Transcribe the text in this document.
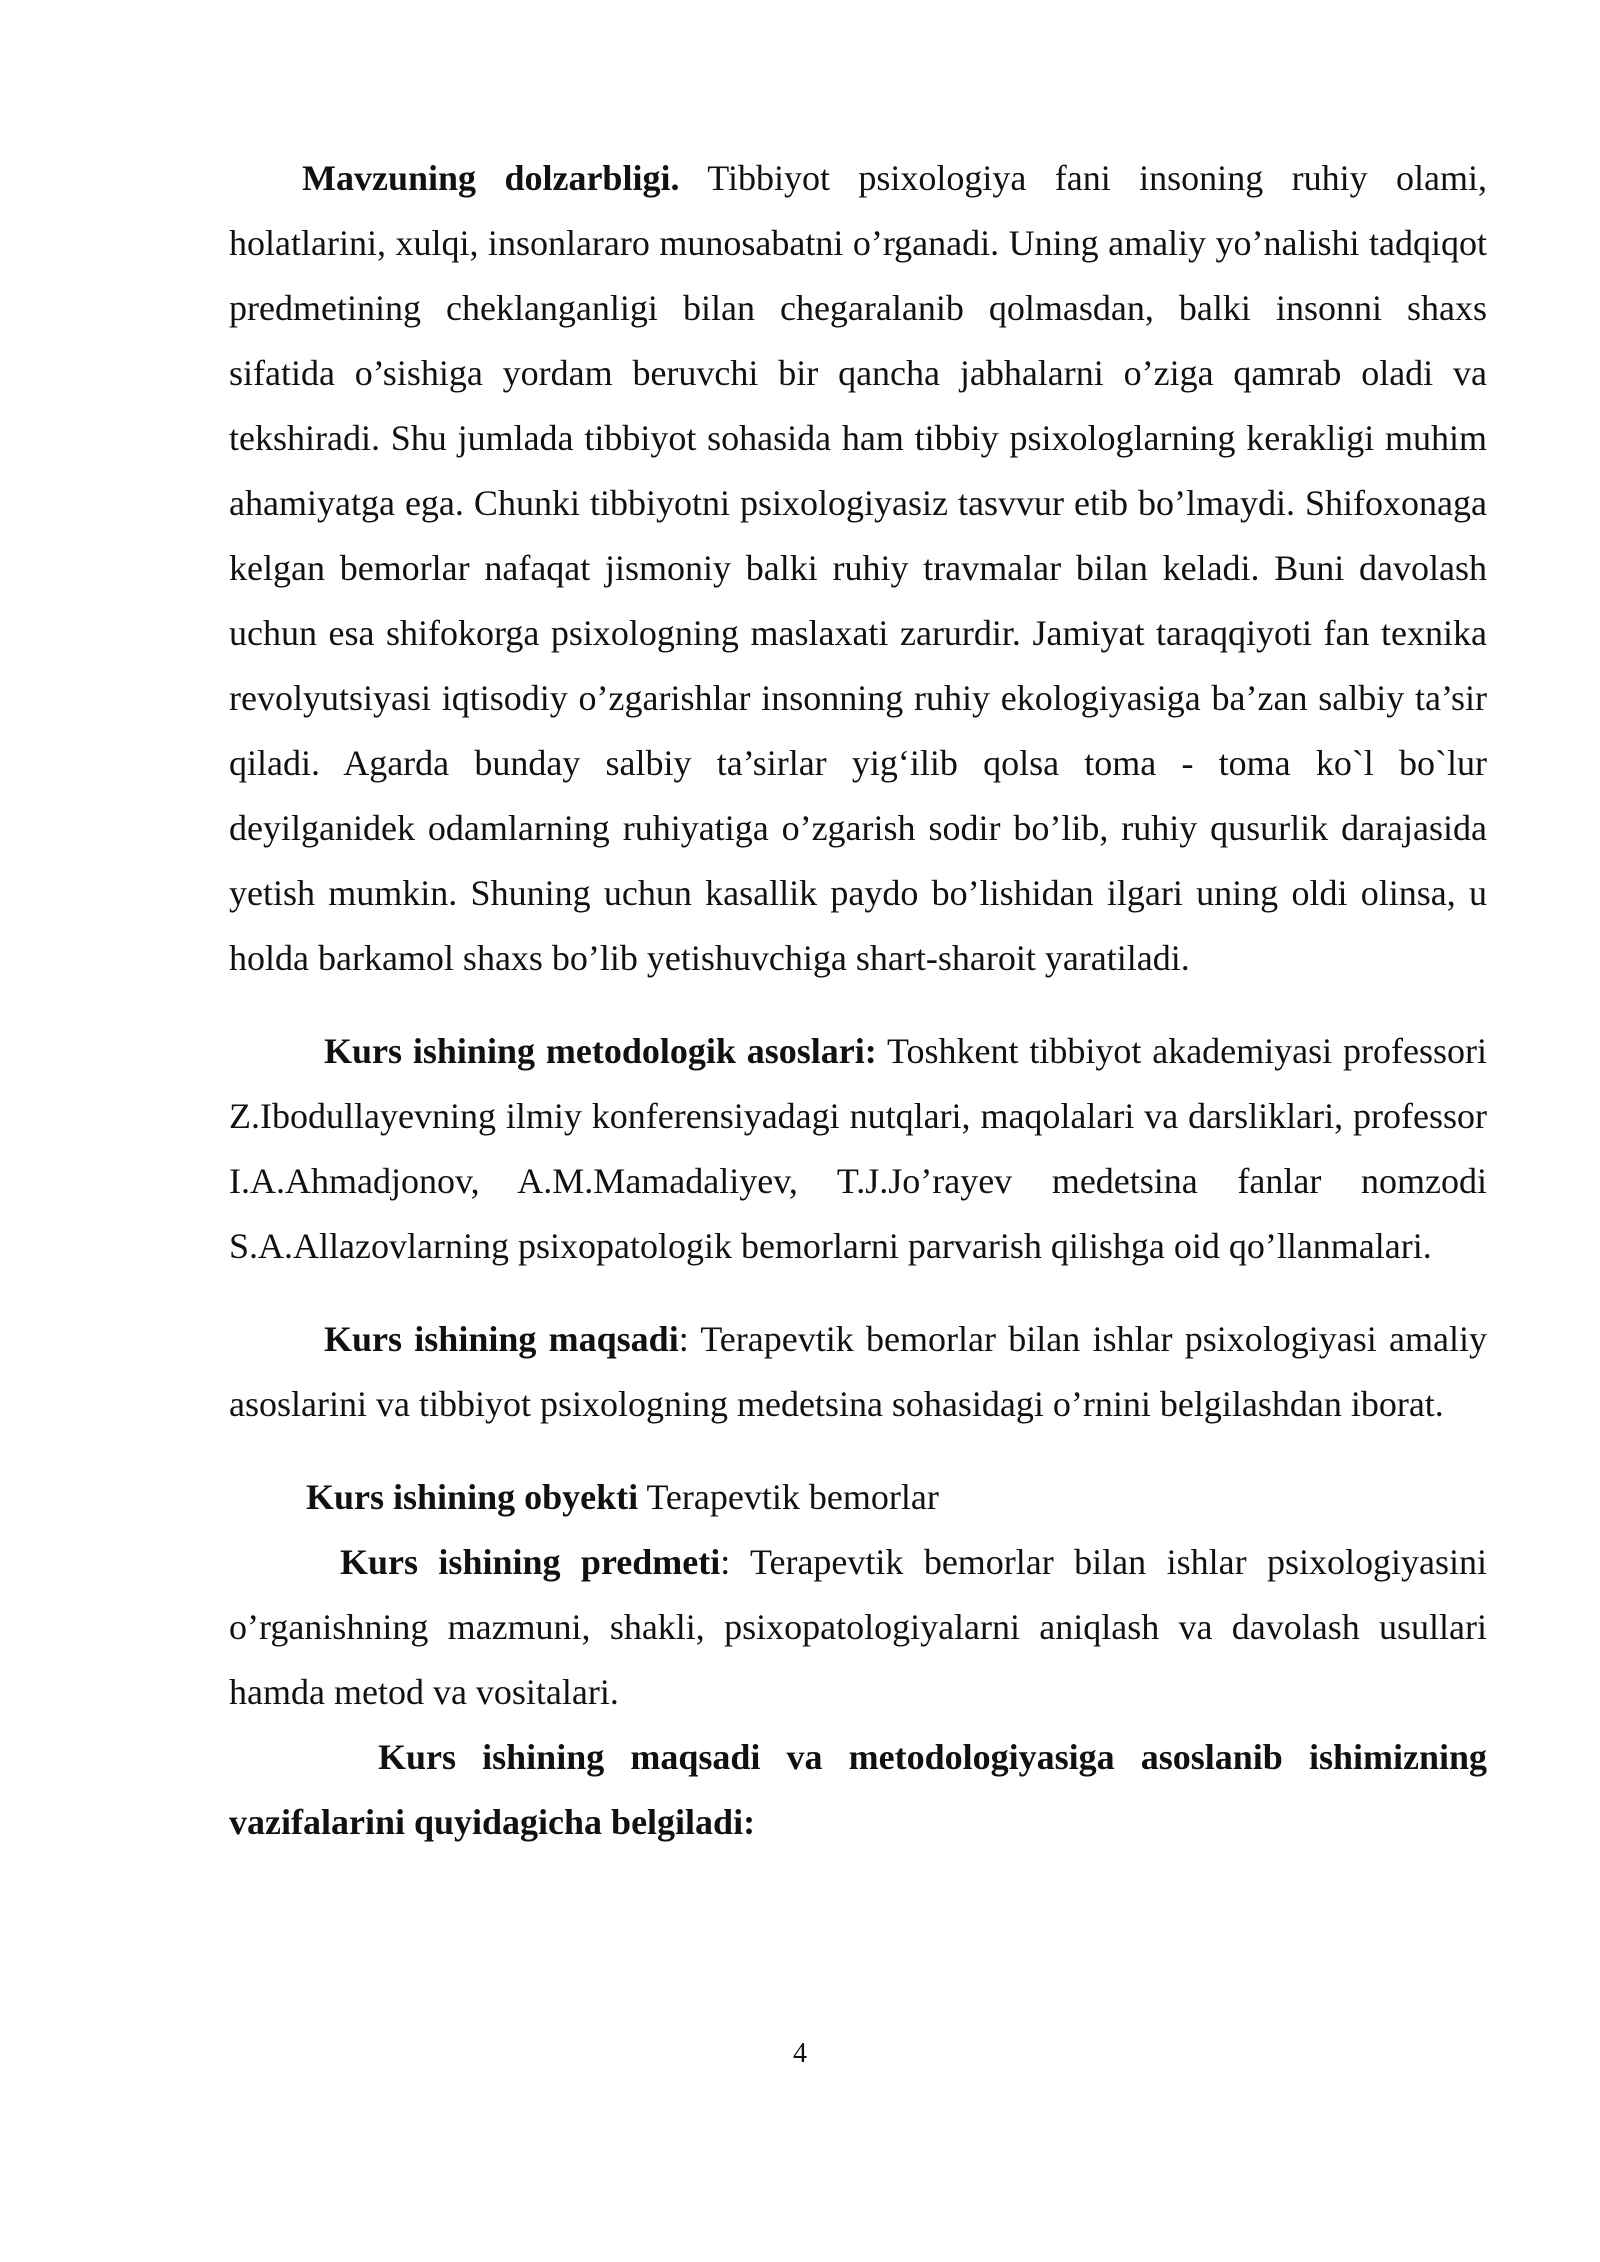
Mavzuning dolzarbligi. Tibbiyot psixologiya fani insoning ruhiy olami, holatlarini, xulqi, insonlararo munosabatni o’rganadi. Uning amaliy yo’nalishi tadqiqot predmetining cheklanganligi bilan chegaralanib qolmasdan, balki insonni shaxs sifatida o’sishiga yordam beruvchi bir qancha jabhalarni o’ziga qamrab oladi va tekshiradi. Shu jumlada tibbiyot sohasida ham tibbiy psixologlarning kerakligi muhim ahamiyatga ega. Chunki tibbiyotni psixologiyasiz tasvvur etib bo’lmaydi. Shifoxonaga kelgan bemorlar nafaqat jismoniy balki ruhiy travmalar bilan keladi. Buni davolash uchun esa shifokorga psixologning maslaxati zarurdir. Jamiyat taraqqiyoti fan texnika revolyutsiyasi iqtisodiy o’zgarishlar insonning ruhiy ekologiyasiga ba’zan salbiy ta’sir qiladi. Agarda bunday salbiy ta’sirlar yig‘ilib qolsa toma - toma ko`l bo`lur deyilganidek odamlarning ruhiyatiga o’zgarish sodir bo’lib, ruhiy qusurlik darajasida yetish mumkin. Shuning uchun kasallik paydo bo’lishidan ilgari uning oldi olinsa, u holda barkamol shaxs bo’lib yetishuvchiga shart-sharoit yaratiladi.

Kurs ishining metodologik asoslari: Toshkent tibbiyot akademiyasi professori Z.Ibodullayevning ilmiy konferensiyadagi nutqlari, maqolalari va darsliklari, professor I.A.Ahmadjonov, A.M.Mamadaliyev, T.J.Jo’rayev medetsina fanlar nomzodi S.A.Allazovlarning psixopatologik bemorlarni parvarish qilishga oid qo’llanmalari.

Kurs ishining maqsadi: Terapevtik bemorlar bilan ishlar psixologiyasi amaliy asoslarini va tibbiyot psixologning medetsina sohasidagi o’rnini belgilashdan iborat.

Kurs ishining obyekti Terapevtik bemorlar

Kurs ishining predmeti: Terapevtik bemorlar bilan ishlar psixologiyasini o’rganishning mazmuni, shakli, psixopatologiyalarni aniqlash va davolash usullari hamda metod va vositalari.

Kurs ishining maqsadi va metodologiyasiga asoslanib ishimizning vazifalarini quyidagicha belgiladi:

4
